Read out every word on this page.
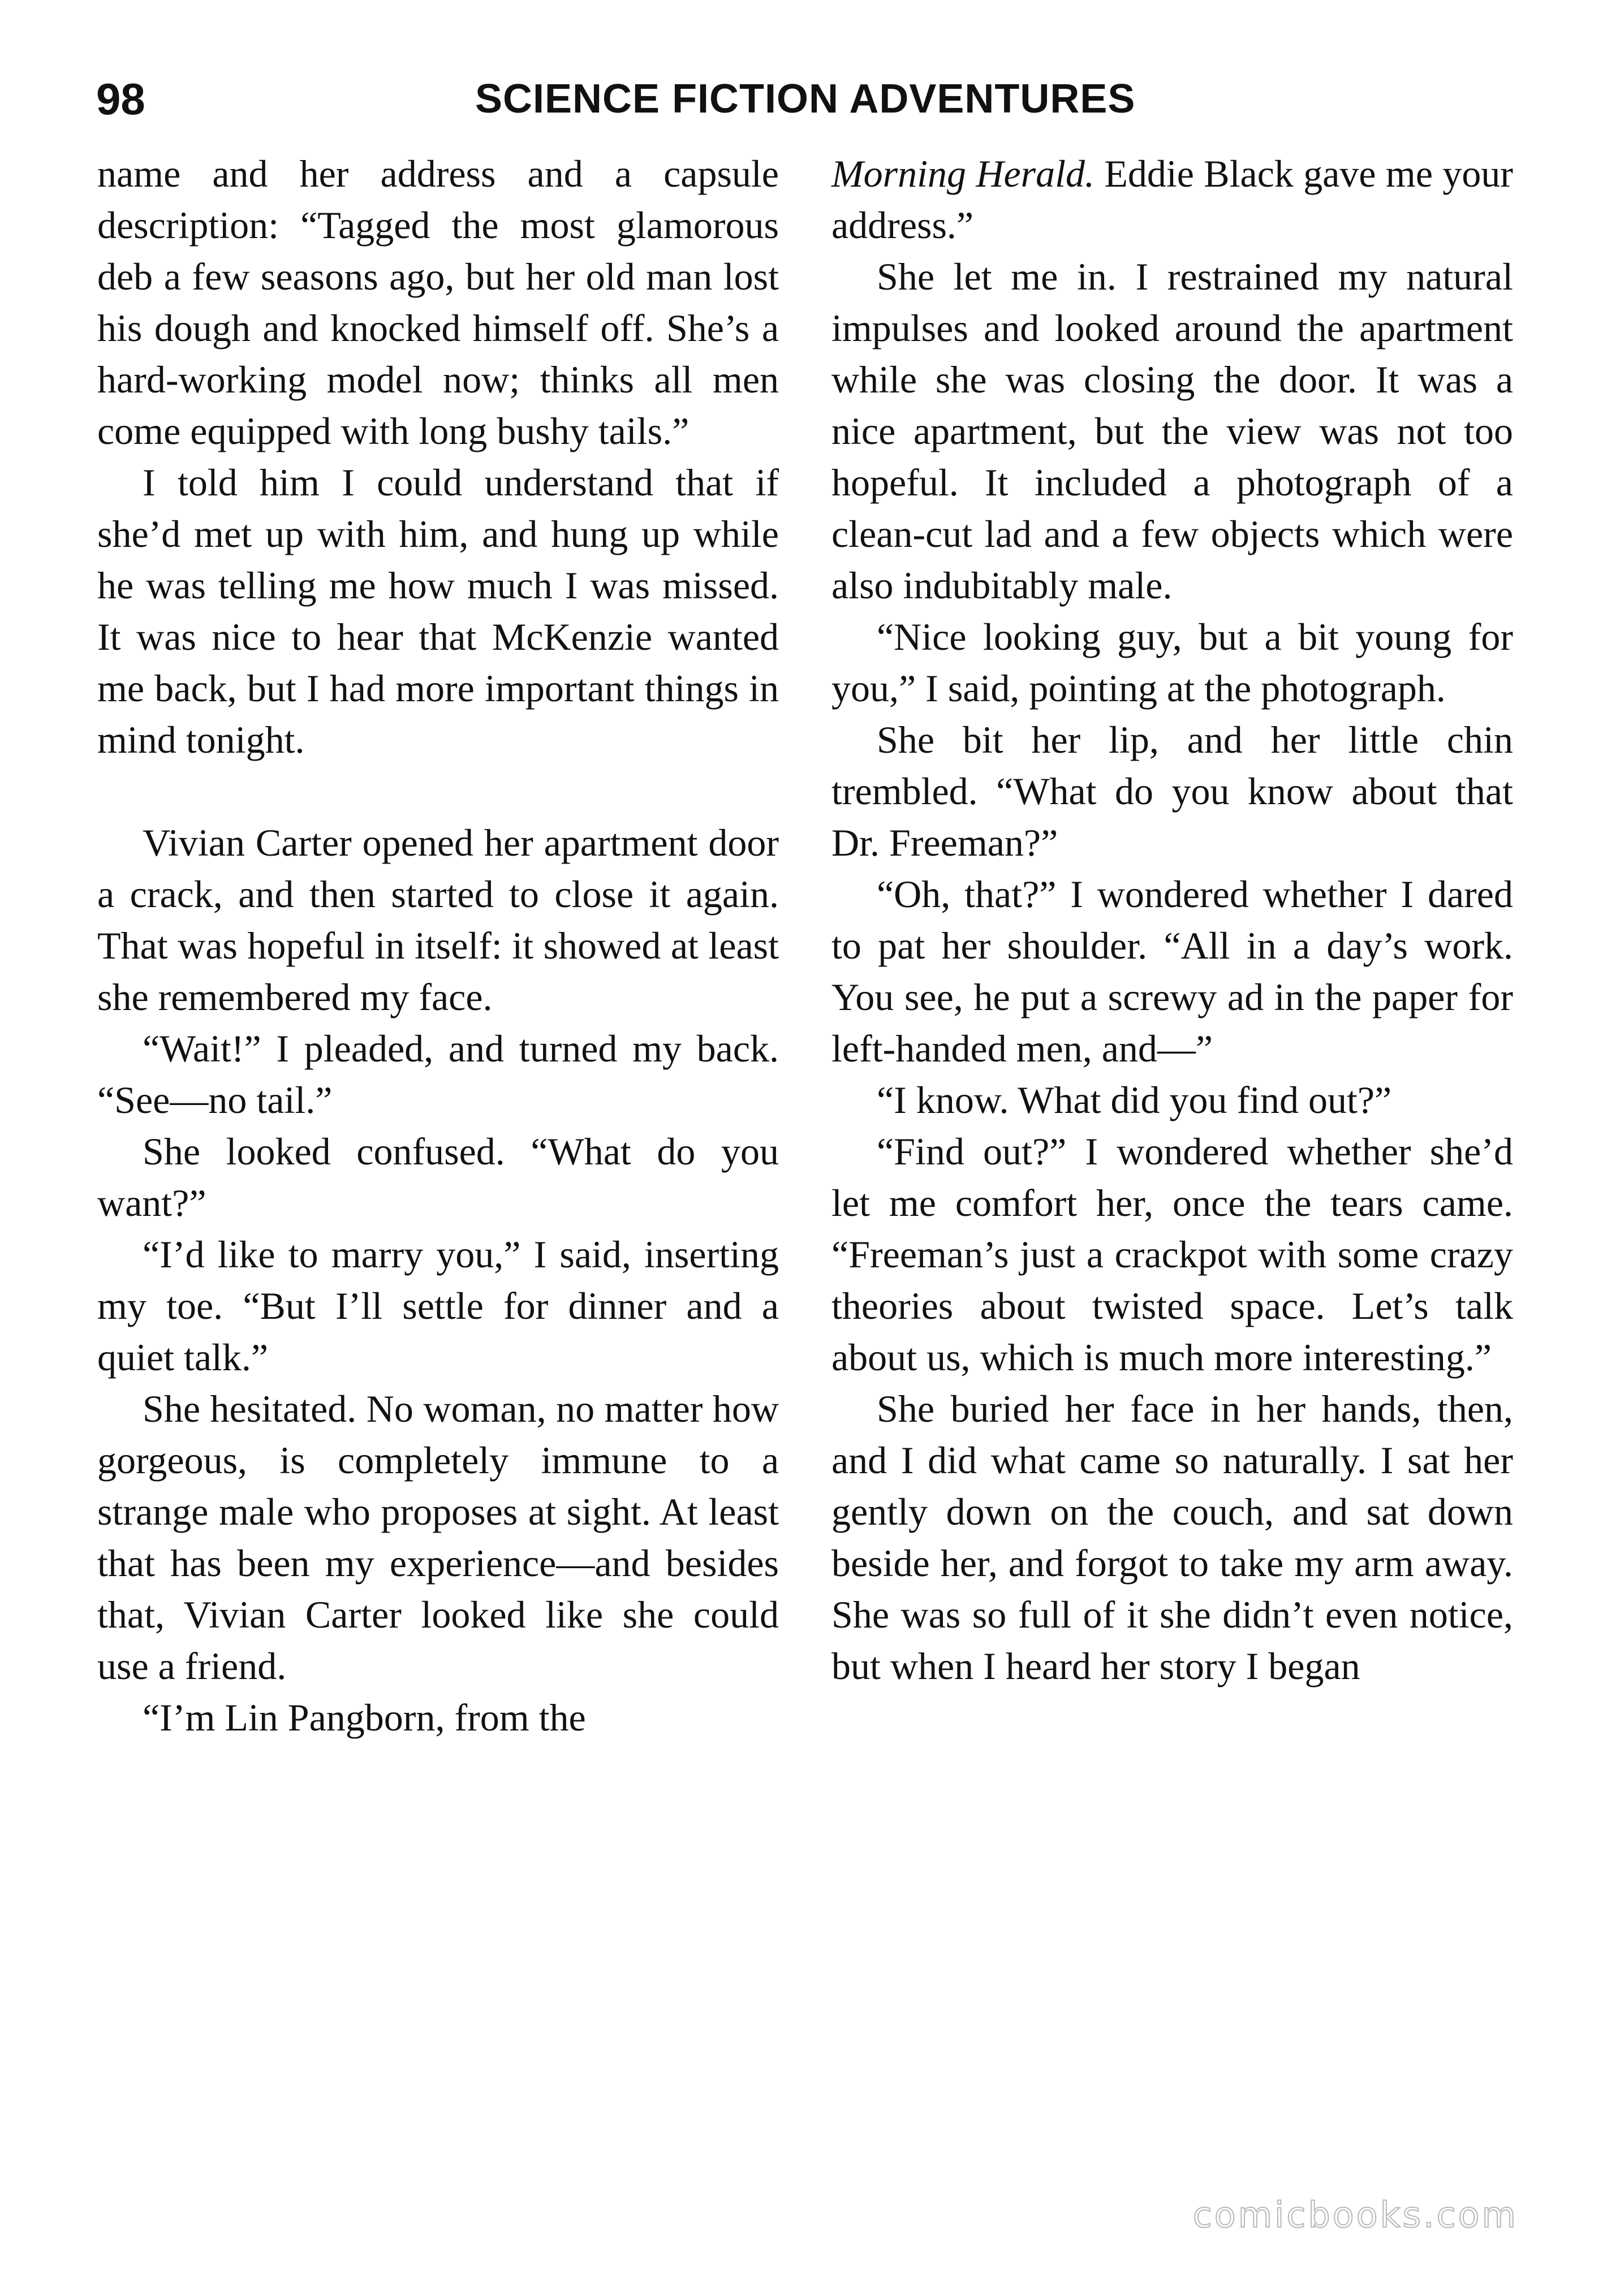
98	SCIENCE FICTION ADVENTURES

name and her address and a capsule description: “Tagged the most glamorous deb a few seasons ago, but her old man lost his dough and knocked himself off. She’s a hard-working model now; thinks all men come equipped with long bushy tails.”

I told him I could understand that if she’d met up with him, and hung up while he was telling me how much I was missed. It was nice to hear that McKenzie wanted me back, but I had more important things in mind tonight.

Vivian Carter opened her apartment door a crack, and then started to close it again. That was hopeful in itself: it showed at least she remembered my face.

“Wait!” I pleaded, and turned my back. “See—no tail.”

She looked confused. “What do you want?”

“I’d like to marry you,” I said, inserting my toe. “But I’ll settle for dinner and a quiet talk.”

She hesitated. No woman, no matter how gorgeous, is completely immune to a strange male who proposes at sight. At least that has been my experience—and besides that, Vivian Carter looked like she could use a friend.

“I’m Lin Pangborn, from the

Morning Herald. Eddie Black gave me your address.”

She let me in. I restrained my natural impulses and looked around the apartment while she was closing the door. It was a nice apartment, but the view was not too hopeful. It included a photograph of a clean-cut lad and a few objects which were also indubitably male.

“Nice looking guy, but a bit young for you,” I said, pointing at the photograph.

She bit her lip, and her little chin trembled. “What do you know about that Dr. Freeman?”

“Oh, that?” I wondered whether I dared to pat her shoulder. “All in a day’s work. You see, he put a screwy ad in the paper for left-handed men, and—”

“I know. What did you find out?”

“Find out?” I wondered whether she’d let me comfort her, once the tears came. “Freeman’s just a crackpot with some crazy theories about twisted space. Let’s talk about us, which is much more interesting.”

She buried her face in her hands, then, and I did what came so naturally. I sat her gently down on the couch, and sat down beside her, and forgot to take my arm away. She was so full of it she didn’t even notice, but when I heard her story I began

comicbooks.com
